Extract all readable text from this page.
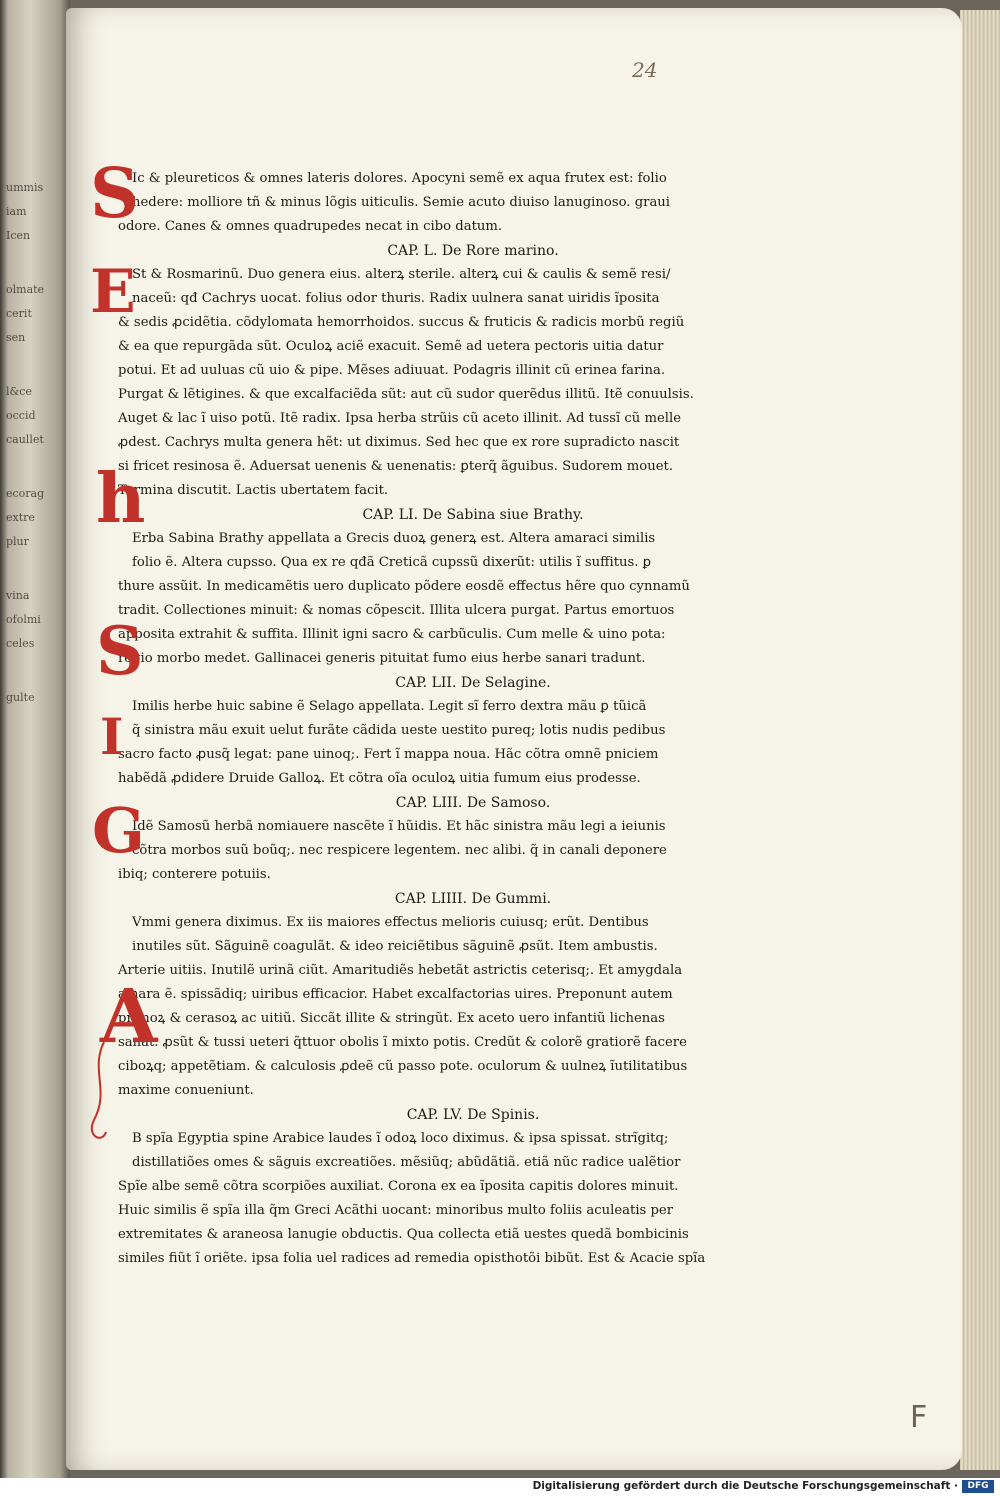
ummis
iam
Icen
olmate
cerit
sen
l&ce
occid
caullet
ecorag
extre
plur
vina
ofolmi
celes
gulte
24
Ic & pleureticos & omnes lateris dolores. Apocyni semẽ ex aqua frutex est: folio
hedere: molliore tñ & minus lõgis uiticulis. Semie acuto diuiso lanuginoso. graui
odore. Canes & omnes quadrupedes necat in cibo datum.
CAP. L. De Rore marino.
St & Rosmarinũ. Duo genera eius. alterꝝ sterile. alterꝝ cui & caulis & semẽ resi/
naceũ: qđ Cachrys uocat. folius odor thuris. Radix uulnera sanat uiridis ĩposita
& sedis ꝓcidẽtia. cõdylomata hemorrhoidos. succus & fruticis & radicis morbũ regiũ
& ea que repurgãda sũt. Oculoꝝ aciẽ exacuit. Semẽ ad uetera pectoris uitia datur
potui. Et ad uuluas cũ uio & pipe. Mẽses adiuuat. Podagris illinit cũ erinea farina.
Purgat & lẽtigines. & que excalfaciẽda sũt: aut cũ sudor querẽdus illitũ. Itẽ conuulsis.
Auget & lac ĩ uiso potũ. Itẽ radix. Ipsa herba strũis cũ aceto illinit. Ad tussĩ cũ melle
ꝓdest. Cachrys multa genera hẽt: ut diximus. Sed hec que ex rore supradicto nascit
si fricet resinosa ẽ. Aduersat uenenis & uenenatis: ꝑterq̃ ãguibus. Sudorem mouet.
Tormina discutit. Lactis ubertatem facit.
CAP. LI. De Sabina siue Brathy.
Erba Sabina Brathy appellata a Grecis duoꝝ generꝝ est. Altera amaraci similis
folio ẽ. Altera cupsso. Qua ex re qđã Creticã cupssũ dixerũt: utilis ĩ suffitus. ꝑ
thure assũit. In medicamẽtis uero duplicato põdere eosdẽ effectus hẽre quo cynnamũ
tradit. Collectiones minuit: & nomas cõpescit. Illita ulcera purgat. Partus emortuos
apposita extrahit & suffita. Illinit igni sacro & carbũculis. Cum melle & uino pota:
regio morbo medet. Gallinacei generis pituitat fumo eius herbe sanari tradunt.
CAP. LII. De Selagine.
Imilis herbe huic sabine ẽ Selago appellata. Legit sĩ ferro dextra mãu ꝑ tũicã
q̃ sinistra mãu exuit uelut furãte cãdida ueste uestito pureq; lotis nudis pedibus
sacro facto ꝓusq̃ legat: pane uinoq;. Fert ĩ mappa noua. Hãc cõtra omnẽ pniciem
habẽdã ꝓdidere Druide Galloꝝ. Et cõtra oĩa oculoꝝ uitia fumum eius prodesse.
CAP. LIII. De Samoso.
Idẽ Samosũ herbã nomiauere nascẽte ĩ hũidis. Et hãc sinistra mãu legi a ieiunis
cõtra morbos suũ boũq;. nec respicere legentem. nec alibi. q̃ in canali deponere
ibiq; conterere potuiis.
CAP. LIIII. De Gummi.
Vmmi genera diximus. Ex iis maiores effectus melioris cuiusq; erũt. Dentibus
inutiles sũt. Sãguinẽ coagulãt. & ideo reiciẽtibus sãguinẽ ꝓsũt. Item ambustis.
Arterie uitiis. Inutilẽ urinã ciũt. Amaritudiẽs hebetãt astrictis ceterisq;. Et amygdala
amara ẽ. spissãdiq; uiribus efficacior. Habet excalfactorias uires. Preponunt autem
prunoꝝ & cerasoꝝ ac uitiũ. Siccãt illite & stringũt. Ex aceto uero infantiũ lichenas
sanãt. ꝓsũt & tussi ueteri q̃ttuor obolis ĩ mixto potis. Credũt & colorẽ gratiorẽ facere
ciboꝝq; appetẽtiam. & calculosis ꝓdeẽ cũ passo pote. oculorum & uulneꝝ ĩutilitatibus
maxime conueniunt.
CAP. LV. De Spinis.
B spĩa Egyptia spine Arabice laudes ĩ odoꝝ loco diximus. & ipsa spissat. strĩgitq;
distillatiões omes & sãguis excreatiões. mẽsiũq; abũdãtiã. etiã nũc radice ualẽtior
Spĩe albe semẽ cõtra scorpiões auxiliat. Corona ex ea ĩposita capitis dolores minuit.
Huic similis ẽ spĩa illa q̃m Greci Acãthi uocant: minoribus multo foliis aculeatis per
extremitates & araneosa lanugie obductis. Qua collecta etiã uestes quedã bombicinis
similes fiũt ĩ oriẽte. ipsa folia uel radices ad remedia opisthotõi bibũt. Est & Acacie spĩa
S
E
h
S
I
G
A
F
Digitalisierung gefördert durch die Deutsche Forschungsgemeinschaft ·	DFG
